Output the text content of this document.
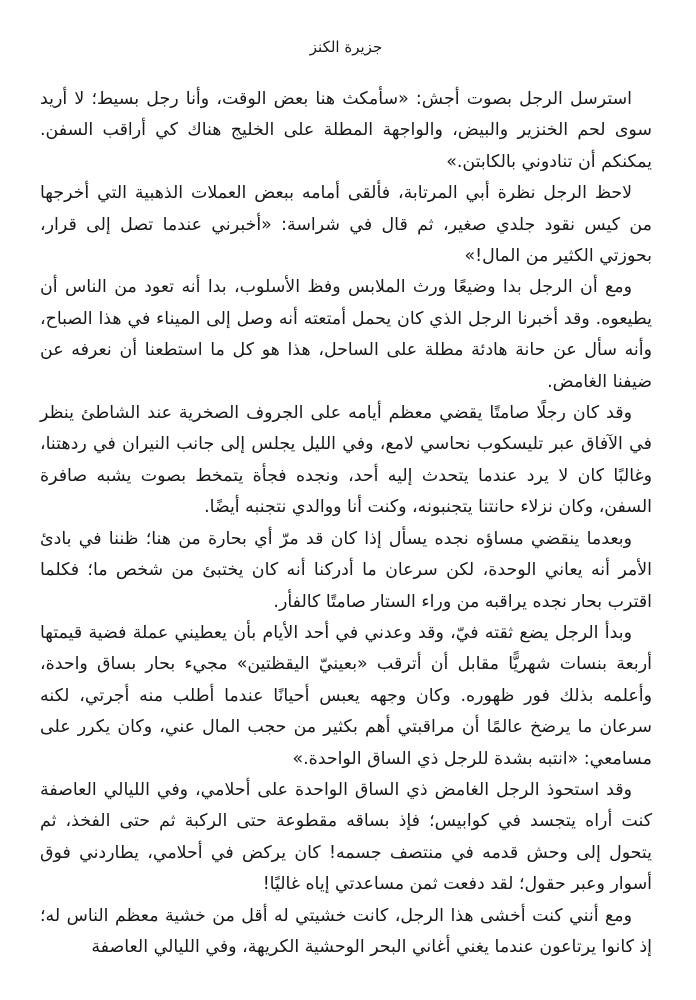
جزيرة الكنز

استرسل الرجل بصوت أجش: «سأمكث هنا بعض الوقت، وأنا رجل بسيط؛ لا أريد سوى لحم الخنزير والبيض، والواجهة المطلة على الخليج هناك كي أراقب السفن. يمكنكم أن تنادوني بالكابتن.»

لاحظ الرجل نظرة أبي المرتابة، فألقى أمامه ببعض العملات الذهبية التي أخرجها من كيس نقود جلدي صغير، ثم قال في شراسة: «أخبرني عندما تصل إلى قرار، بحوزتي الكثير من المال!»

ومع أن الرجل بدا وضيعًا ورث الملابس وفظ الأسلوب، بدا أنه تعود من الناس أن يطيعوه. وقد أخبرنا الرجل الذي كان يحمل أمتعته أنه وصل إلى الميناء في هذا الصباح، وأنه سأل عن حانة هادئة مطلة على الساحل، هذا هو كل ما استطعنا أن نعرفه عن ضيفنا الغامض.

وقد كان رجلًا صامتًا يقضي معظم أيامه على الجروف الصخرية عند الشاطئ ينظر في الآفاق عبر تليسكوب نحاسي لامع، وفي الليل يجلس إلى جانب النيران في ردهتنا، وغالبًا كان لا يرد عندما يتحدث إليه أحد، ونجده فجأة يتمخط بصوت يشبه صافرة السفن، وكان نزلاء حانتنا يتجنبونه، وكنت أنا ووالدي نتجنبه أيضًا.

وبعدما ينقضي مساؤه نجده يسأل إذا كان قد مرّ أي بحارة من هنا؛ ظننا في بادئ الأمر أنه يعاني الوحدة، لكن سرعان ما أدركنا أنه كان يختبئ من شخص ما؛ فكلما اقترب بحار نجده يراقبه من وراء الستار صامتًا كالفأر.

وبدأ الرجل يضع ثقته فيّ، وقد وعدني في أحد الأيام بأن يعطيني عملة فضية قيمتها أربعة بنسات شهريًّا مقابل أن أترقب «بعينيّ اليقظتين» مجيء بحار بساق واحدة، وأعلمه بذلك فور ظهوره. وكان وجهه يعبس أحيانًا عندما أطلب منه أجرتي، لكنه سرعان ما يرضخ عالمًا أن مراقبتي أهم بكثير من حجب المال عني، وكان يكرر على مسامعي: «انتبه بشدة للرجل ذي الساق الواحدة.»

وقد استحوذ الرجل الغامض ذي الساق الواحدة على أحلامي، وفي الليالي العاصفة كنت أراه يتجسد في كوابيس؛ فإذ بساقه مقطوعة حتى الركبة ثم حتى الفخذ، ثم يتحول إلى وحش قدمه في منتصف جسمه! كان يركض في أحلامي، يطاردني فوق أسوار وعبر حقول؛ لقد دفعت ثمن مساعدتي إياه غاليًا!

ومع أنني كنت أخشى هذا الرجل، كانت خشيتي له أقل من خشية معظم الناس له؛ إذ كانوا يرتاعون عندما يغني أغاني البحر الوحشية الكريهة، وفي الليالي العاصفة
